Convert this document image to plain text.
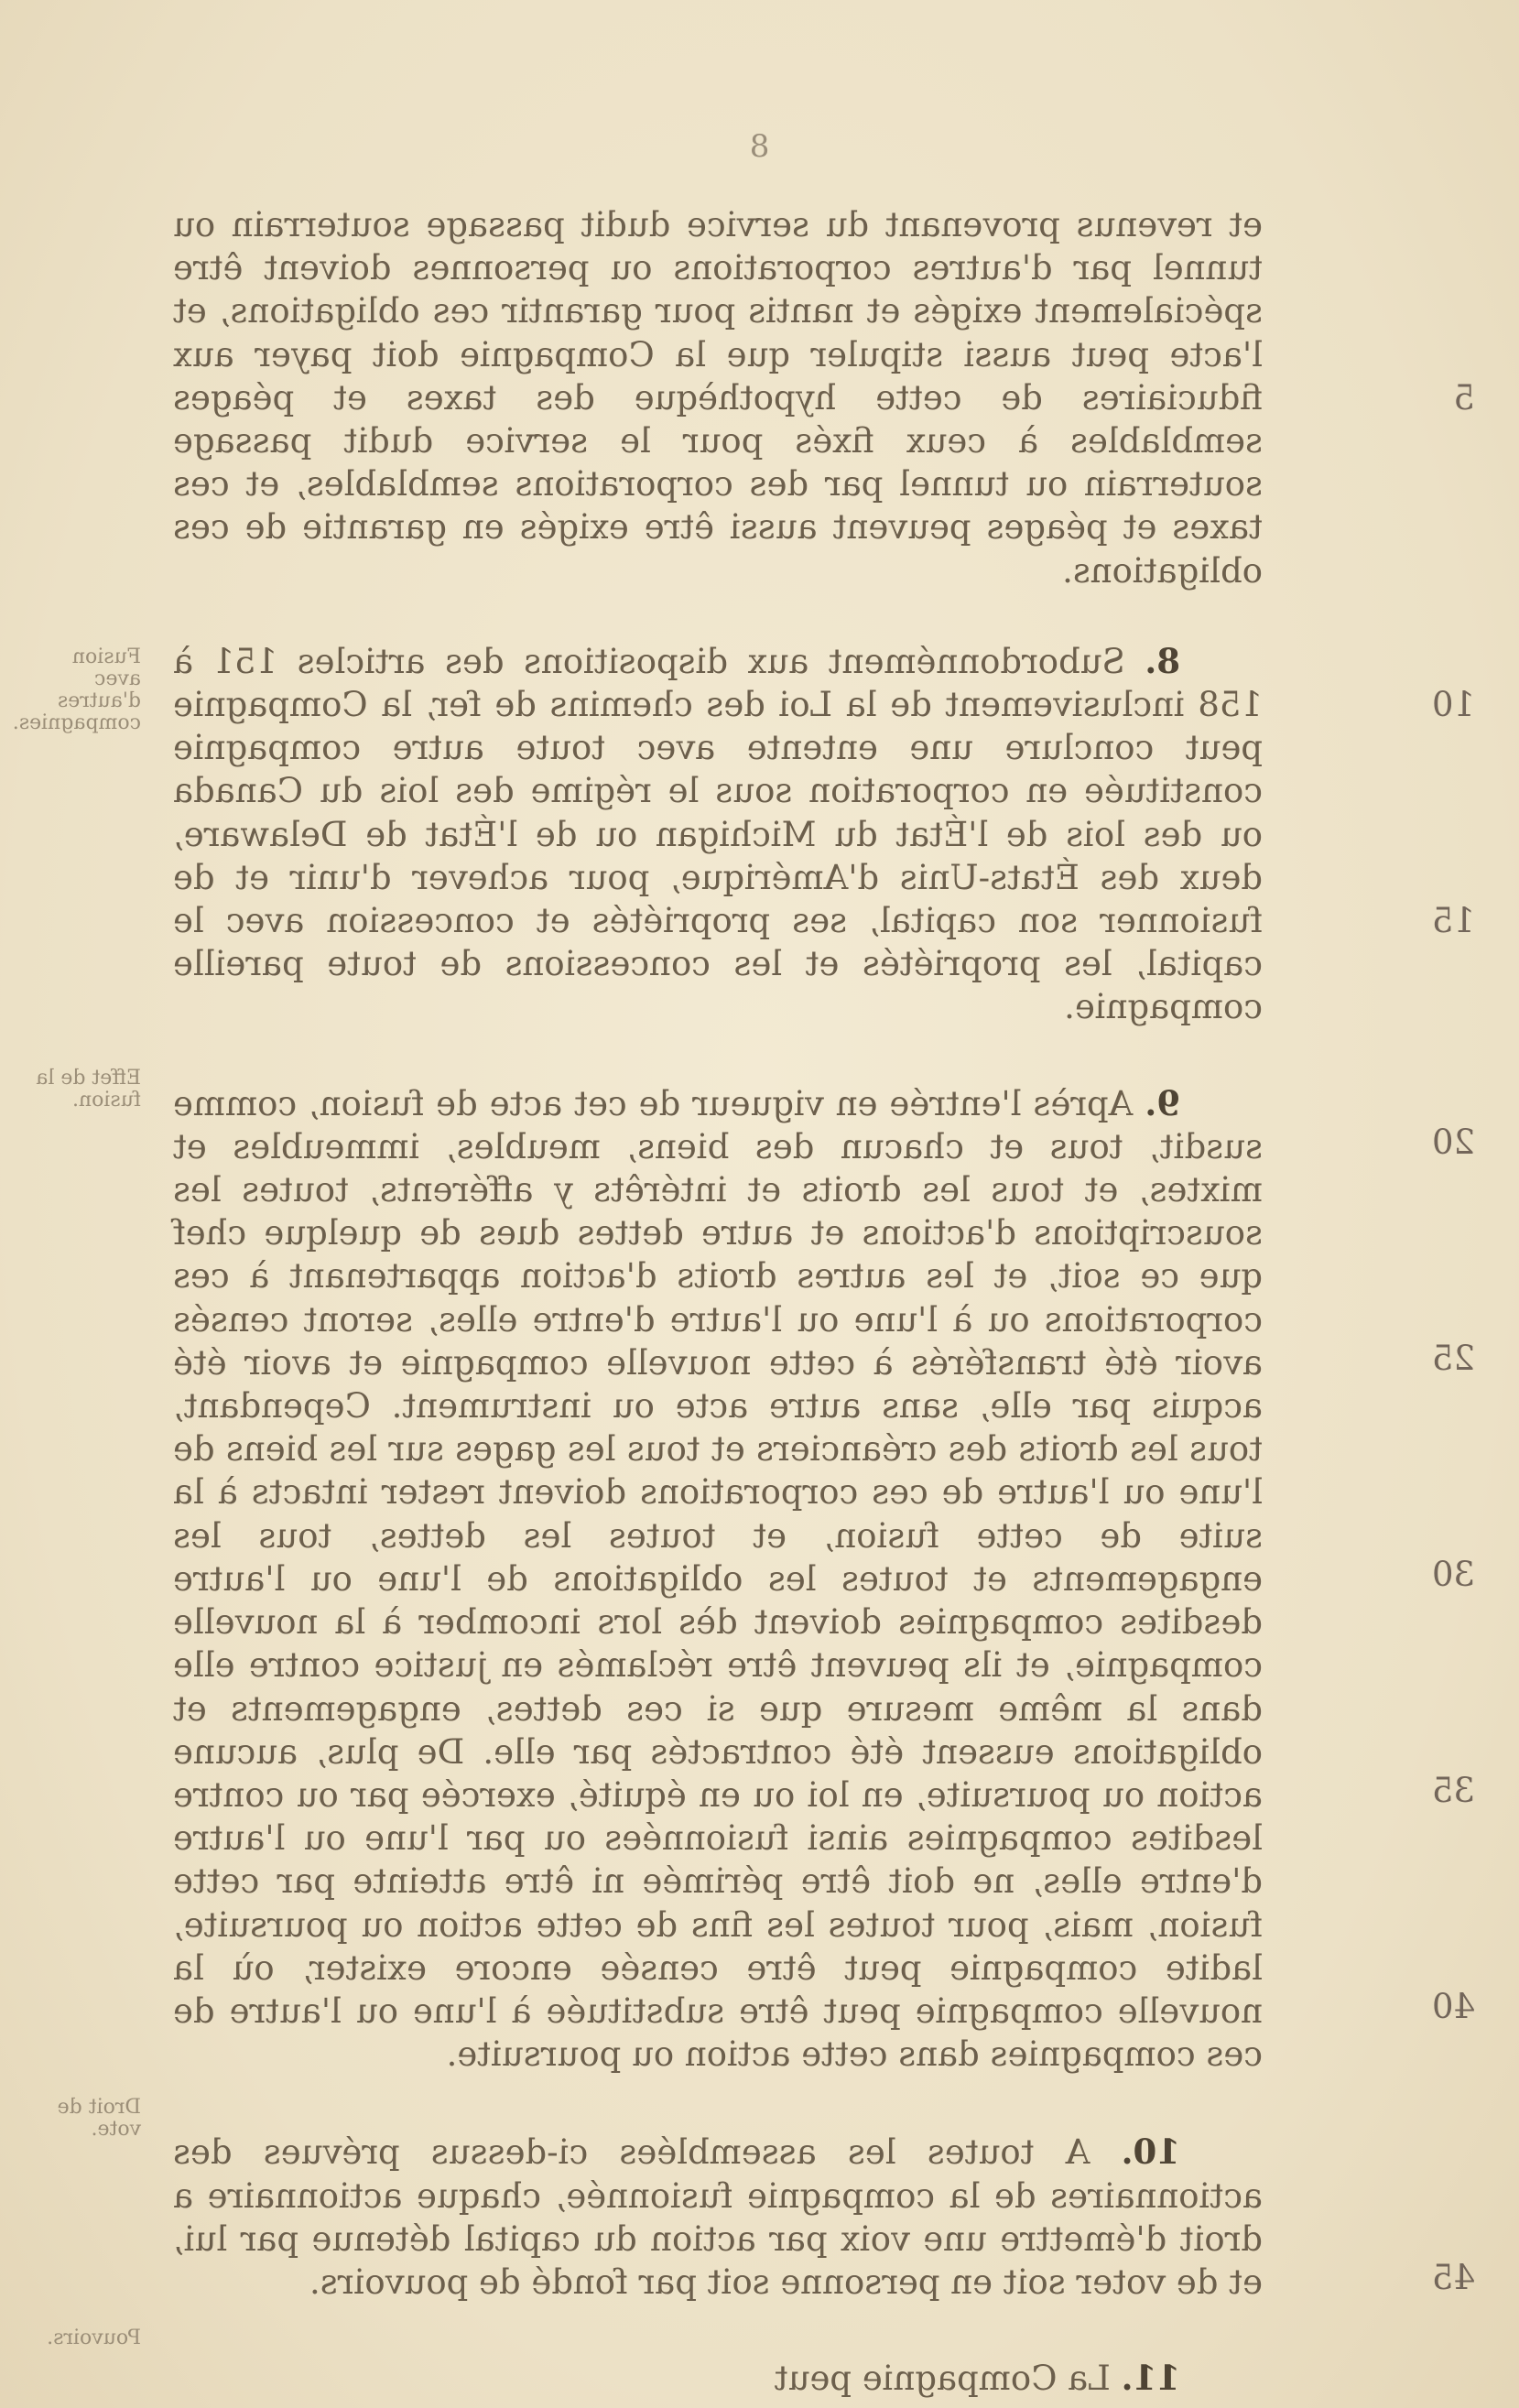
8

et revenus provenant du service dudit passage souterrain ou tunnel par d'autres corporations ou personnes doivent être spécialement exigés et nantis pour garantir ces obligations, et l'acte peut aussi stipuler que la Compagnie doit payer aux fiduciaires de cette hypothèque des taxes et péages semblables à ceux fixés pour le service dudit passage souterrain ou tunnel par des corporations semblables, et ces taxes et péages peuvent aussi être exigés en garantie de ces obligations.

8. Subordonnément aux dispositions des articles 151 à 158 inclusivement de la Loi des chemins de fer, la Compagnie peut conclure une entente avec toute autre compagnie constituée en corporation sous le régime des lois du Canada ou des lois de l'État du Michigan ou de l'État de Delaware, deux des États-Unis d'Amérique, pour achever d'unir et de fusionner son capital, ses propriétés et concession avec le capital, les propriétés et les concessions de toute pareille compagnie.

9. Après l'entrée en vigueur de cet acte de fusion, comme susdit, tous et chacun des biens, meubles, immeubles et mixtes, et tous les droits et intérêts y afférents, toutes les souscriptions d'actions et autre dettes dues de quelque chef que ce soit, et les autres droits d'action appartenant à ces corporations ou à l'une ou l'autre d'entre elles, seront censés avoir été transférés à cette nouvelle compagnie et avoir été acquis par elle, sans autre acte ou instrument. Cependant, tous les droits des créanciers et tous les gages sur les biens de l'une ou l'autre de ces corporations doivent rester intacts à la suite de cette fusion, et toutes les dettes, tous les engagements et toutes les obligations de l'une ou l'autre desdites compagnies doivent dès lors incomber à la nouvelle compagnie, et ils peuvent être réclamés en justice contre elle dans la même mesure que si ces dettes, engagements et obligations eussent été contractés par elle. De plus, aucune action ou poursuite, en loi ou en équité, exercée par ou contre lesdites compagnies ainsi fusionnées ou par l'une ou l'autre d'entre elles, ne doit être périmée ni être atteinte par cette fusion, mais, pour toutes les fins de cette action ou poursuite, ladite compagnie peut être censée encore exister, où la nouvelle compagnie peut être substituée à l'une ou l'autre de ces compagnies dans cette action ou poursuite.

10. A toutes les assemblées ci-dessus prévues des actionnaires de la compagnie fusionnée, chaque actionnaire a droit d'émettre une voix par action du capital détenue par lui, et de voter soit en personne soit par fondé de pouvoirs.

11. La Compagnie peut

5
10
15
20
25
30
35
40
45
Fusion avec d'autres compagnies.
Effet de la fusion.
Droit de vote.
Pouvoirs.
